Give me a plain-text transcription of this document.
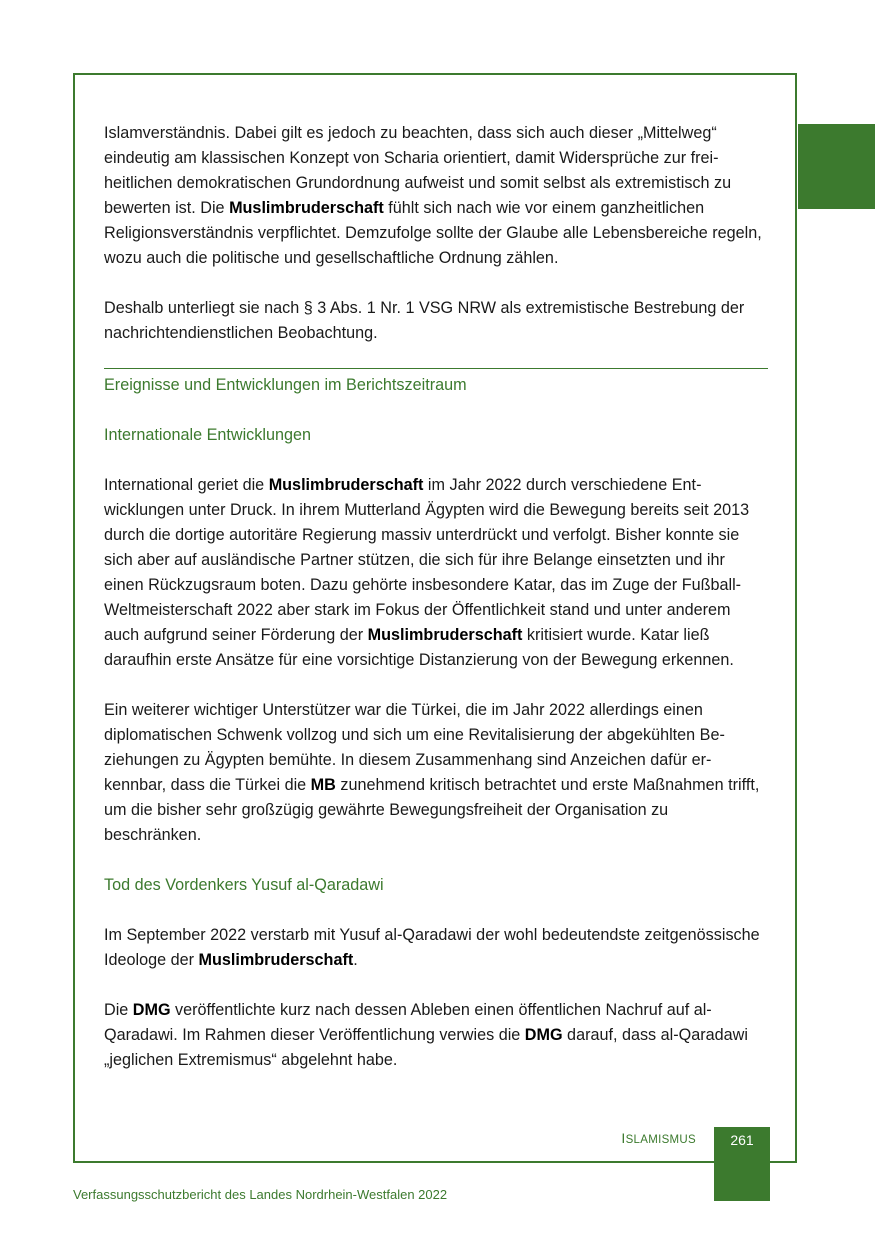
Islamverständnis. Dabei gilt es jedoch zu beachten, dass sich auch dieser „Mittelweg“ eindeutig am klassischen Konzept von Scharia orientiert, damit Widersprüche zur freiheitlichen demokratischen Grundordnung aufweist und somit selbst als extremistisch zu bewerten ist. Die Muslimbruderschaft fühlt sich nach wie vor einem ganzheitlichen Religionsverständnis verpflichtet. Demzufolge sollte der Glaube alle Lebensbereiche regeln, wozu auch die politische und gesellschaftliche Ordnung zählen.

Deshalb unterliegt sie nach § 3 Abs. 1 Nr. 1 VSG NRW als extremistische Bestrebung der nachrichtendienstlichen Beobachtung.

Ereignisse und Entwicklungen im Berichtszeitraum
Internationale Entwicklungen

International geriet die Muslimbruderschaft im Jahr 2022 durch verschiedene Entwicklungen unter Druck. In ihrem Mutterland Ägypten wird die Bewegung bereits seit 2013 durch die dortige autoritäre Regierung massiv unterdrückt und verfolgt. Bisher konnte sie sich aber auf ausländische Partner stützen, die sich für ihre Belange einsetzten und ihr einen Rückzugsraum boten. Dazu gehörte insbesondere Katar, das im Zuge der Fußball-Weltmeisterschaft 2022 aber stark im Fokus der Öffentlichkeit stand und unter anderem auch aufgrund seiner Förderung der Muslimbruderschaft kritisiert wurde. Katar ließ daraufhin erste Ansätze für eine vorsichtige Distanzierung von der Bewegung erkennen.

Ein weiterer wichtiger Unterstützer war die Türkei, die im Jahr 2022 allerdings einen diplomatischen Schwenk vollzog und sich um eine Revitalisierung der abgekühlten Beziehungen zu Ägypten bemühte. In diesem Zusammenhang sind Anzeichen dafür erkennbar, dass die Türkei die MB zunehmend kritisch betrachtet und erste Maßnahmen trifft, um die bisher sehr großzügig gewährte Bewegungsfreiheit der Organisation zu beschränken.

Tod des Vordenkers Yusuf al-Qaradawi

Im September 2022 verstarb mit Yusuf al-Qaradawi der wohl bedeutendste zeitgenössische Ideologe der Muslimbruderschaft.

Die DMG veröffentlichte kurz nach dessen Ableben einen öffentlichen Nachruf auf al-Qaradawi. Im Rahmen dieser Veröffentlichung verwies die DMG darauf, dass al-Qaradawi „jeglichen Extremismus“ abgelehnt habe.

ISLAMISMUS	261
Verfassungsschutzbericht des Landes Nordrhein-Westfalen 2022
